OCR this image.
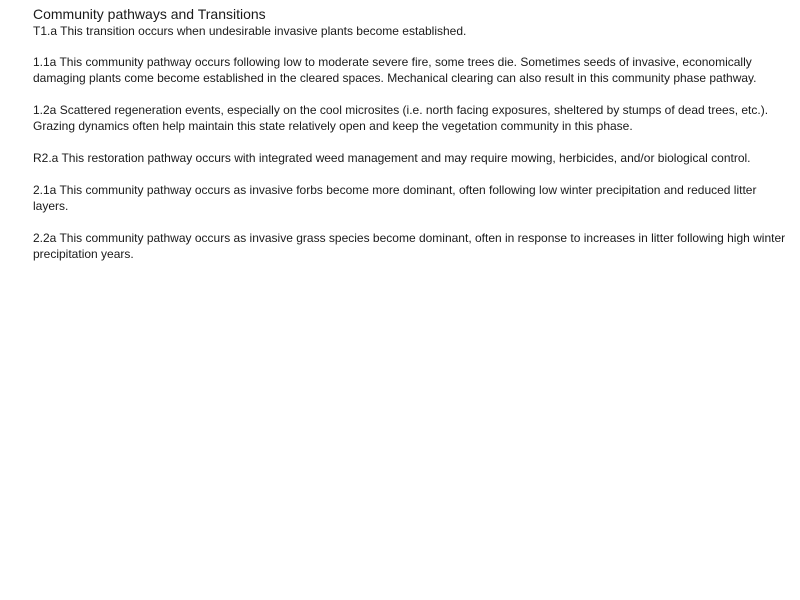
Community pathways and Transitions

T1.a This transition occurs when undesirable invasive plants become established.

1.1a This community pathway occurs following low to moderate severe fire, some trees die. Sometimes seeds of invasive, economically damaging plants come become established in the cleared spaces. Mechanical clearing can also result in this community phase pathway.

1.2a Scattered regeneration events, especially on the cool microsites (i.e. north facing exposures, sheltered by stumps of dead trees, etc.). Grazing dynamics often help maintain this state relatively open and keep the vegetation community in this phase.

R2.a This restoration pathway occurs with integrated weed management and may require mowing, herbicides, and/or biological control.

2.1a This community pathway occurs as invasive forbs become more dominant, often following low winter precipitation and reduced litter layers.

2.2a This community pathway occurs as invasive grass species become dominant, often in response to increases in litter following high winter precipitation years.
